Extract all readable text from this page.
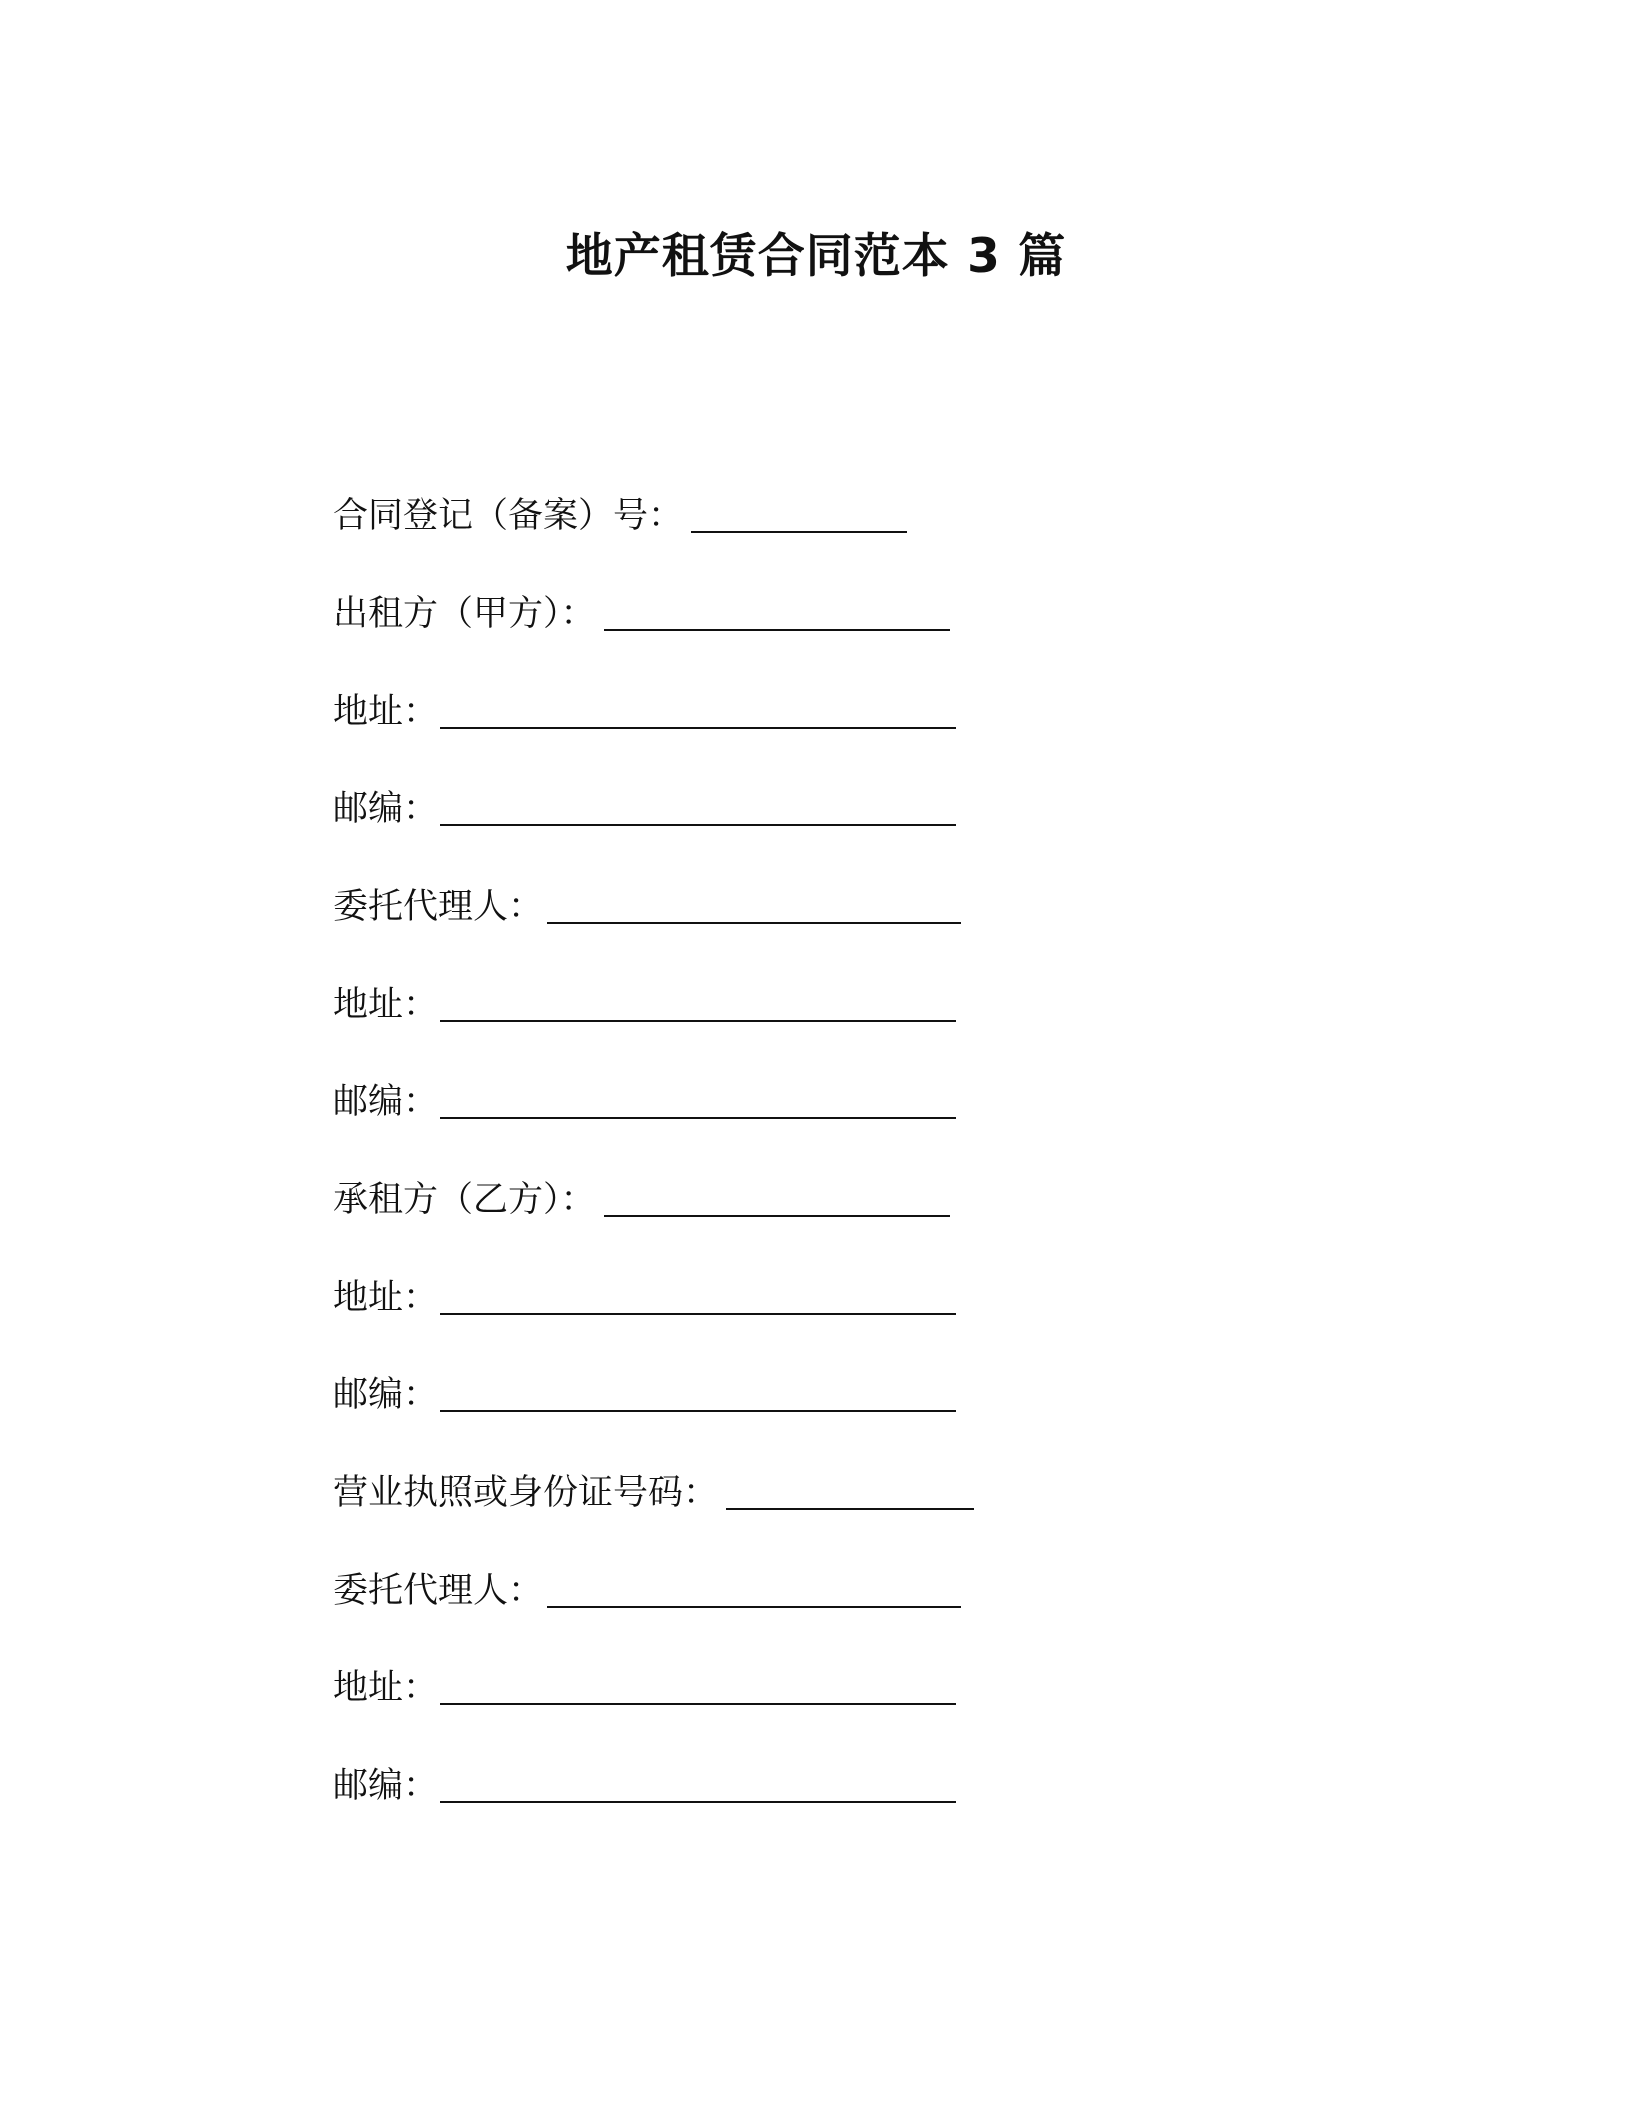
地产租赁合同范本 3 篇
合同登记（备案）号：
出租方（甲方）：
地址：
邮编：
委托代理人：
地址：
邮编：
承租方（乙方）：
地址：
邮编：
营业执照或身份证号码：
委托代理人：
地址：
邮编：
